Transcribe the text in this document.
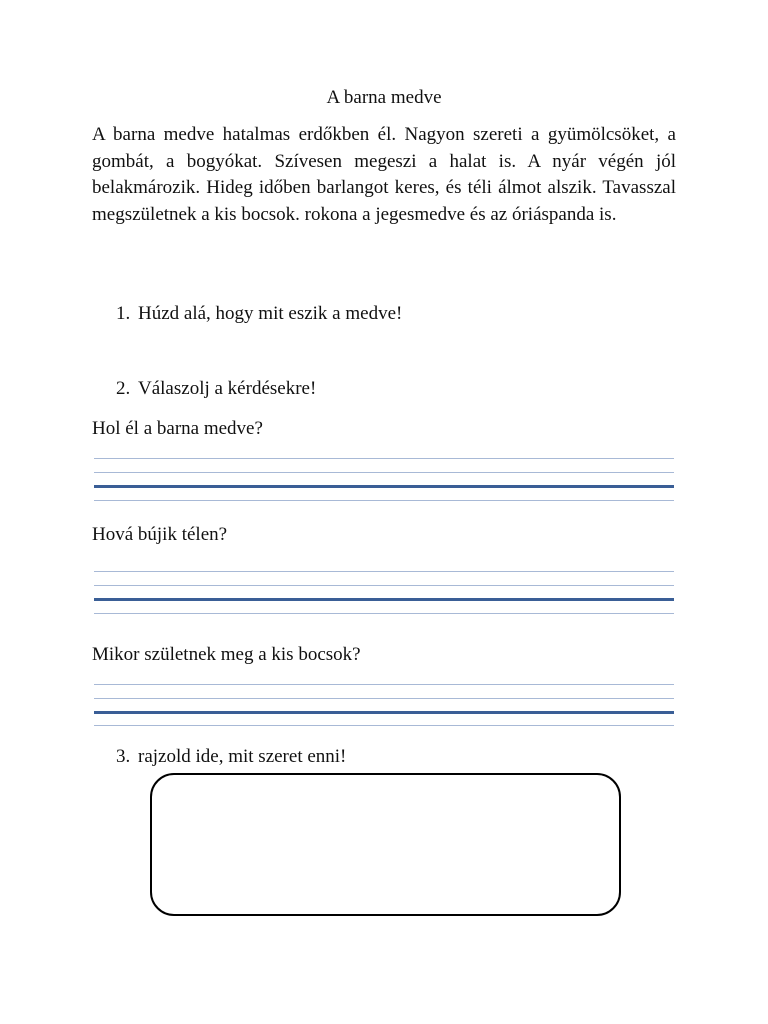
A barna medve

A barna medve hatalmas erdőkben él. Nagyon szereti a gyümölcsöket, a gombát, a bogyókat. Szívesen megeszi a halat is. A nyár végén jól belakmározik. Hideg időben barlangot keres, és téli álmot alszik. Tavasszal megszületnek a kis bocsok. rokona a jegesmedve és az óriáspanda is.

1. Húzd alá, hogy mit eszik a medve!
2. Válaszolj a kérdésekre!
Hol él a barna medve?
Hová bújik télen?
Mikor születnek meg a kis bocsok?
3. rajzold ide, mit szeret enni!
